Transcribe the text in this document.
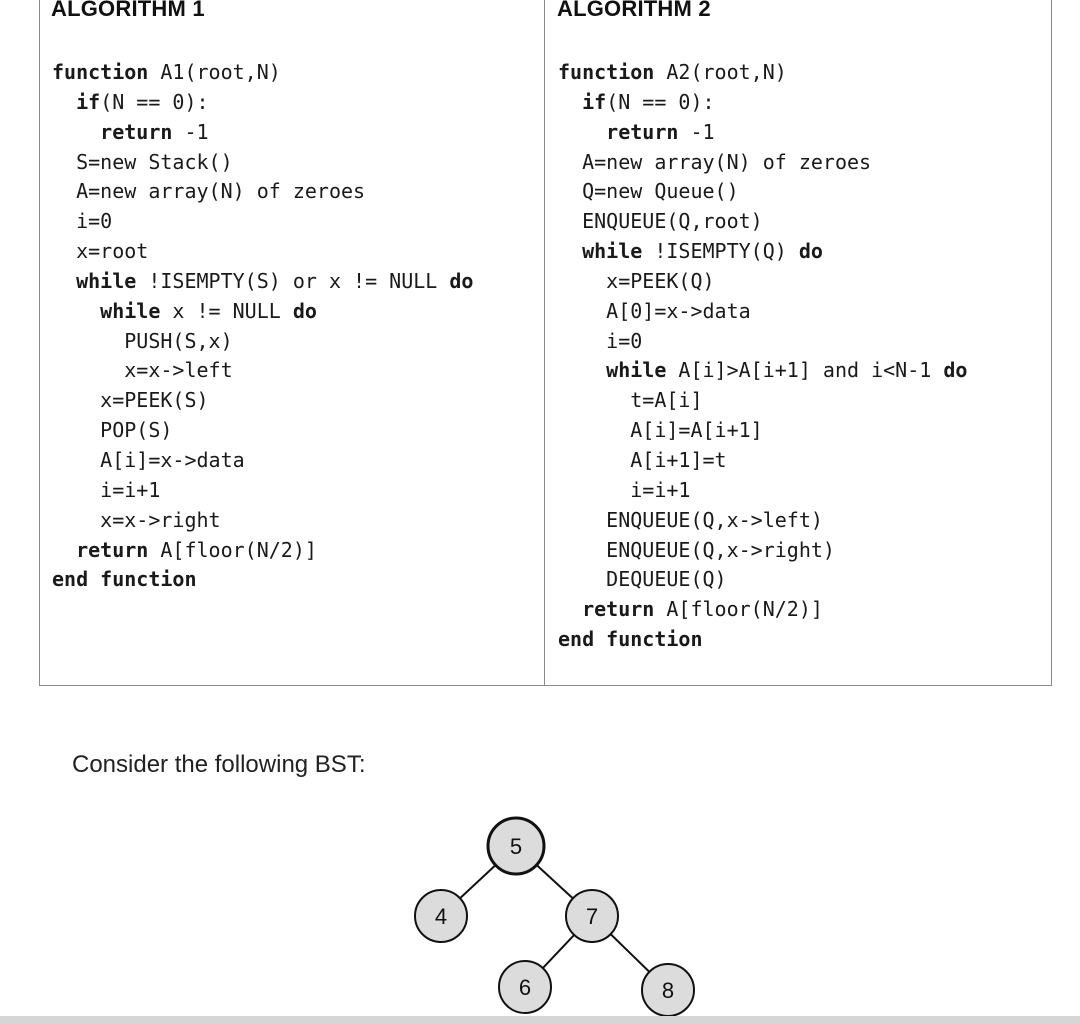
ALGORITHM 1	ALGORITHM 2
function A1(root,N)
if(N == 0):
return -1
S=new Stack()
A=new array(N) of zeroes
i=0
x=root
while !ISEMPTY(S) or x != NULL do
while x != NULL do
PUSH(S,x)
x=x->left
x=PEEK(S)
POP(S)
A[i]=x->data
i=i+1
x=x->right
return A[floor(N/2)]
end function
function A2(root,N)
if(N == 0):
return -1
A=new array(N) of zeroes
Q=new Queue()
ENQUEUE(Q,root)
while !ISEMPTY(Q) do
x=PEEK(Q)
A[0]=x->data
i=0
while A[i]>A[i+1] and i<N-1 do
t=A[i]
A[i]=A[i+1]
A[i+1]=t
i=i+1
ENQUEUE(Q,x->left)
ENQUEUE(Q,x->right)
DEQUEUE(Q)
return A[floor(N/2)]
end function
Consider the following BST:
5
4	7
6	8
